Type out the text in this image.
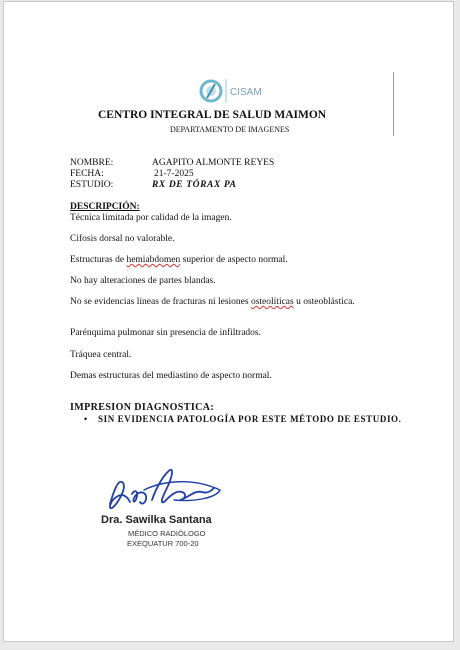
CISAM
CENTRO INTEGRAL DE SALUD MAIMON
DEPARTAMENTO DE IMAGENES
NOMBRE:	AGAPITO ALMONTE REYES
FECHA:	21-7-2025
ESTUDIO:	RX DE TÓRAX PA
DESCRIPCIÓN:
Técnica limitada por calidad de la imagen.
Cifosis dorsal no valorable.
Estructuras de hemiabdomen superior de aspecto normal.
No hay alteraciones de partes blandas.
No se evidencias líneas de fracturas ni lesiones osteolíticas u osteoblástica.
Parénquima pulmonar sin presencia de infiltrados.
Tráquea central.
Demas estructuras del mediastino de aspecto normal.
IMPRESION DIAGNOSTICA:
• SIN EVIDENCIA PATOLOGÍA POR ESTE MÉTODO DE ESTUDIO.
Dra. Sawilka Santana
MÉDICO RADIÓLOGO
EXEQUATUR 700-20
